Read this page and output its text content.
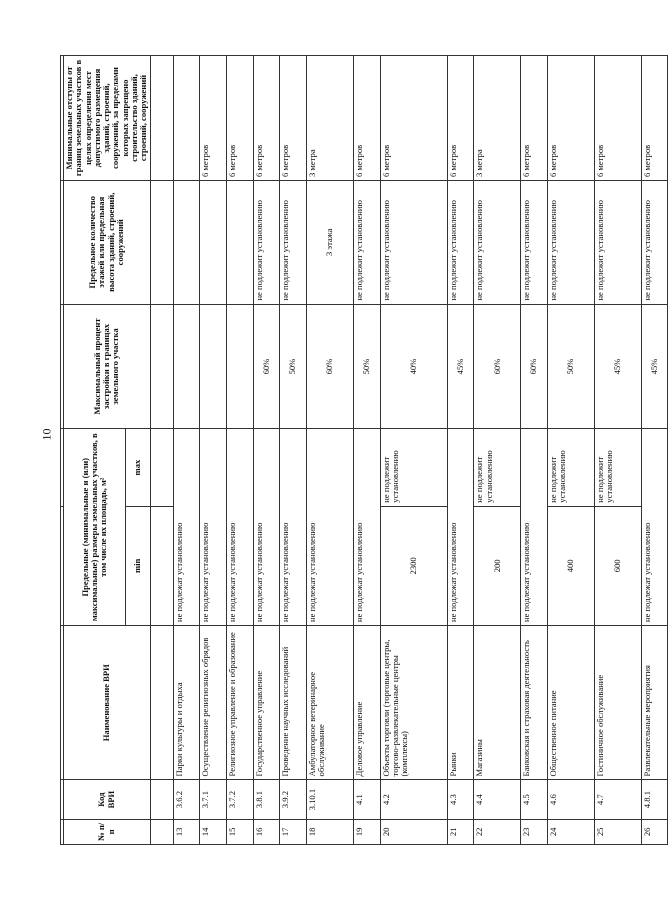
10

№ п/п	Код ВРИ	Наименование ВРИ	Предельные (минимальные и (или) максимальные) размеры земельных участков, в том числе их площадь, м²		Максимальный процент застройки в границах земельного участка	Предельное количество этажей или предельная высота зданий, строений, сооружений	Минимальные отступы от границ земельных участков в целях определения мест допустимого размещения зданий, строений, сооружений, за пределами которых запрещено строительство зданий, строений, сооружений
			min	max			

13	3.6.2	Парки культуры и отдыха	не подлежат установлению				
14	3.7.1	Осуществление религиозных обрядов	не подлежат установлению				6 метров
15	3.7.2	Религиозное управление и образование	не подлежат установлению				6 метров
16	3.8.1	Государственное управление	не подлежат установлению		60%	не подлежит установлению	6 метров
17	3.9.2	Проведение научных исследований	не подлежат установлению		50%	не подлежит установлению	6 метров
18	3.10.1	Амбулаторное ветеринарное обслуживание	не подлежат установлению		60%	3 этажа	3 метра
19	4.1	Деловое управление	не подлежат установлению		50%	не подлежит установлению	6 метров
20	4.2	Объекты торговли (торговые центры, торгово-развлекательные центры (комплексы)	2300	не подлежит установлению	40%	не подлежит установлению	6 метров
21	4.3	Рынки	не подлежат установлению		45%	не подлежит установлению	6 метров
22	4.4	Магазины	200	не подлежит установлению	60%	не подлежит установлению	3 метра
23	4.5	Банковская и страховая деятельность	не подлежат установлению		60%	не подлежит установлению	6 метров
24	4.6	Общественное питание	400	не подлежит установлению	50%	не подлежит установлению	6 метров
25	4.7	Гостиничное обслуживание	600	не подлежит установлению	45%	не подлежит установлению	6 метров
26	4.8.1	Развлекательные мероприятия	не подлежат установлению		45%	не подлежит установлению	6 метров
